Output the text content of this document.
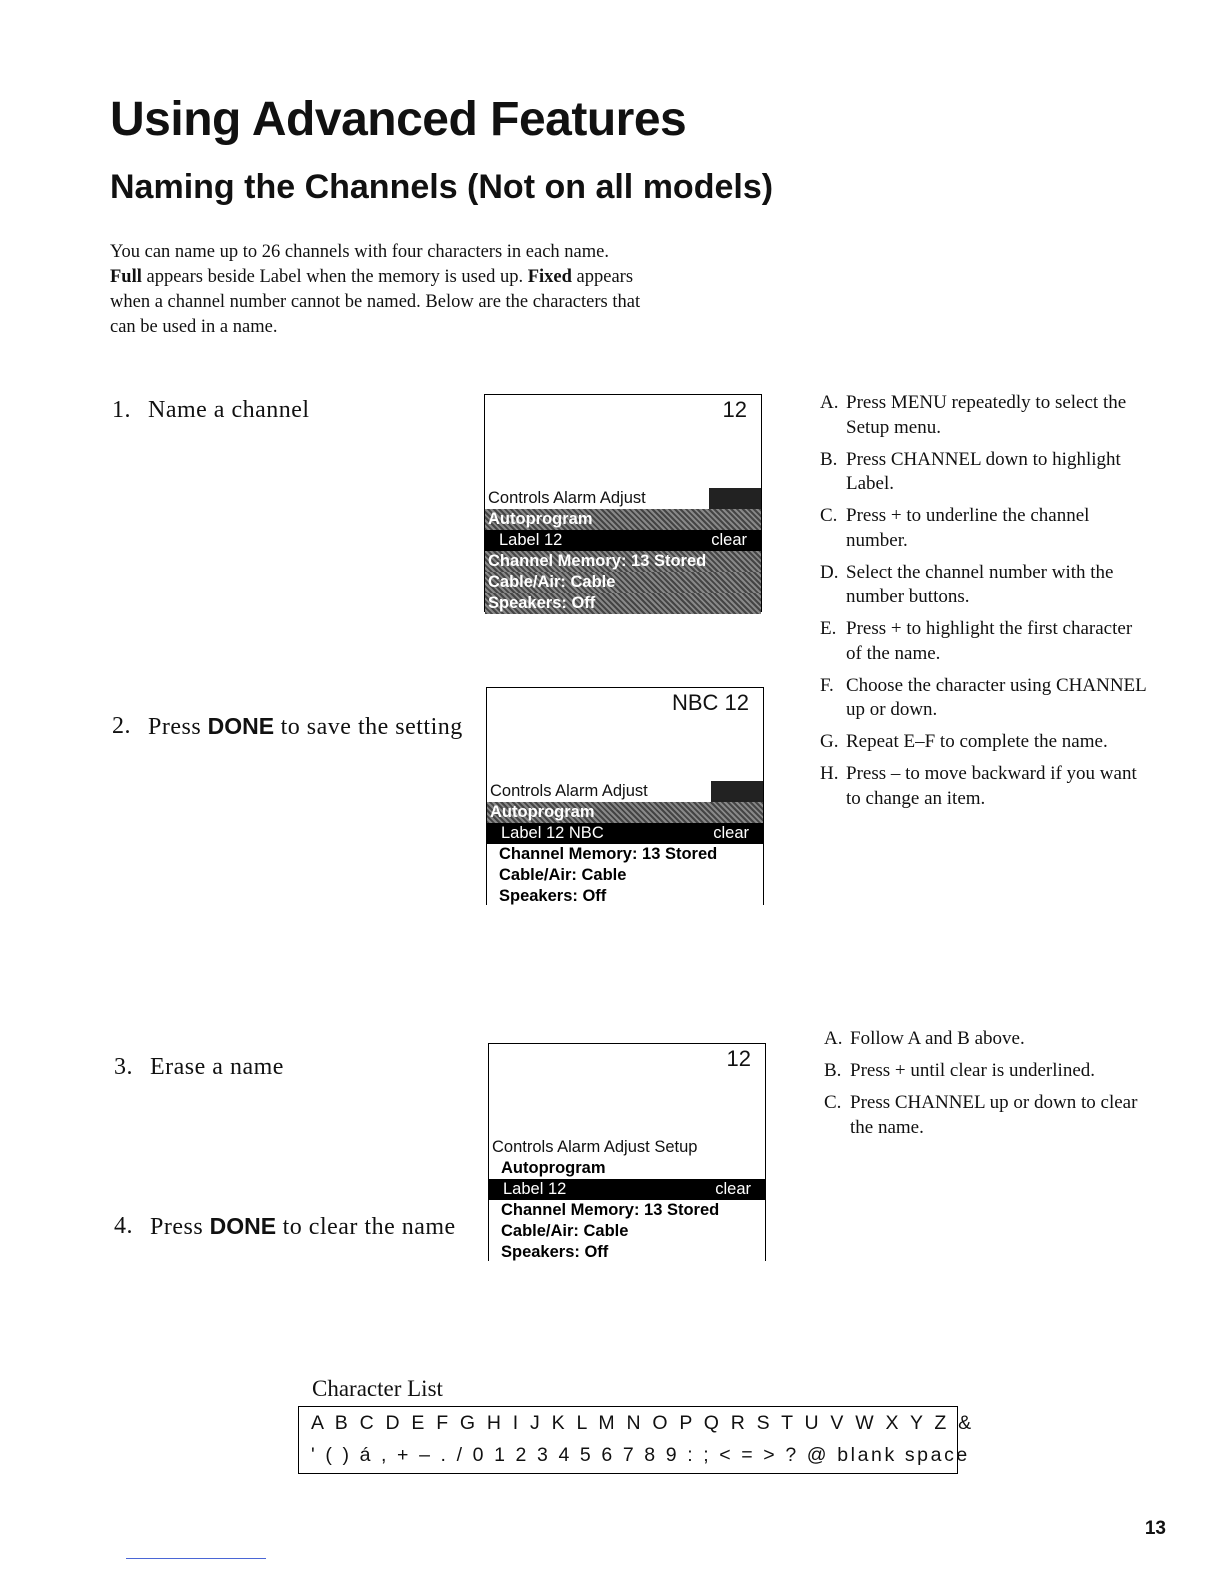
Using Advanced Features
Naming the Channels (Not on all models)
You can name up to 26 channels with four characters in each name.
Full appears beside Label when the memory is used up. Fixed appears
when a channel number cannot be named. Below are the characters that
can be used in a name.
1. Name a channel
2. Press DONE to save the setting
3. Erase a name
4. Press DONE to clear the name
12
Controls Alarm Adjust
Autoprogram
Label 12	clear
Channel Memory: 13 Stored
Cable/Air: Cable
Speakers: Off
NBC 12
Controls Alarm Adjust
Autoprogram
Label 12 NBC	clear
Channel Memory: 13 Stored
Cable/Air: Cable
Speakers: Off
12
Controls Alarm Adjust Setup
Autoprogram
Label 12	clear
Channel Memory: 13 Stored
Cable/Air: Cable
Speakers: Off
A. Press MENU repeatedly to select the Setup menu.
B. Press CHANNEL down to highlight Label.
C. Press + to underline the channel number.
D. Select the channel number with the number buttons.
E. Press + to highlight the first character of the name.
F. Choose the character using CHANNEL up or down.
G. Repeat E–F to complete the name.
H. Press – to move backward if you want to change an item.
A. Follow A and B above.
B. Press + until clear is underlined.
C. Press CHANNEL up or down to clear the name.
Character List
A B C D E F G H I J K L M N O P Q R S T U V W X Y Z &
' ( ) á , + – . / 0 1 2 3 4 5 6 7 8 9 : ; < = > ? @ blank space
13
